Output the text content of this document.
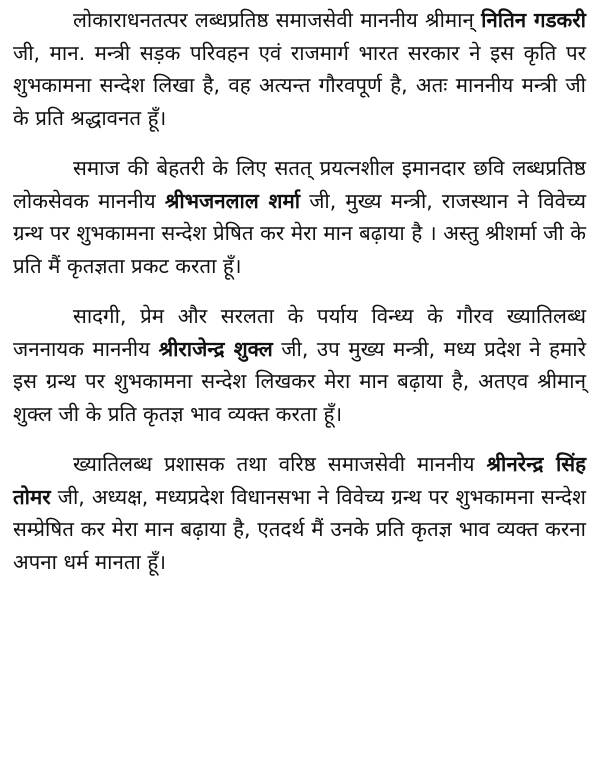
लोकाराधनतत्पर लब्धप्रतिष्ठ समाजसेवी माननीय श्रीमान् नितिन गडकरी जी, मान. मन्त्री सड़क परिवहन एवं राजमार्ग भारत सरकार ने इस कृति पर शुभकामना सन्देश लिखा है, वह अत्यन्त गौरवपूर्ण है, अतः माननीय मन्त्री जी के प्रति श्रद्धावनत हूँ।

समाज की बेहतरी के लिए सतत् प्रयत्नशील इमानदार छवि लब्धप्रतिष्ठ लोकसेवक माननीय श्रीभजनलाल शर्मा जी, मुख्य मन्त्री, राजस्थान ने विवेच्य ग्रन्थ पर शुभकामना सन्देश प्रेषित कर मेरा मान बढ़ाया है । अस्तु श्रीशर्मा जी के प्रति मैं कृतज्ञता प्रकट करता हूँ।

सादगी, प्रेम और सरलता के पर्याय विन्ध्य के गौरव ख्यातिलब्ध जननायक माननीय श्रीराजेन्द्र शुक्ल जी, उप मुख्य मन्त्री, मध्य प्रदेश ने हमारे इस ग्रन्थ पर शुभकामना सन्देश लिखकर मेरा मान बढ़ाया है, अतएव श्रीमान् शुक्ल जी के प्रति कृतज्ञ भाव व्यक्त करता हूँ।

ख्यातिलब्ध प्रशासक तथा वरिष्ठ समाजसेवी माननीय श्रीनरेन्द्र सिंह तोमर जी, अध्यक्ष, मध्यप्रदेश विधानसभा ने विवेच्य ग्रन्थ पर शुभकामना सन्देश सम्प्रेषित कर मेरा मान बढ़ाया है, एतदर्थ मैं उनके प्रति कृतज्ञ भाव व्यक्त करना अपना धर्म मानता हूँ।
